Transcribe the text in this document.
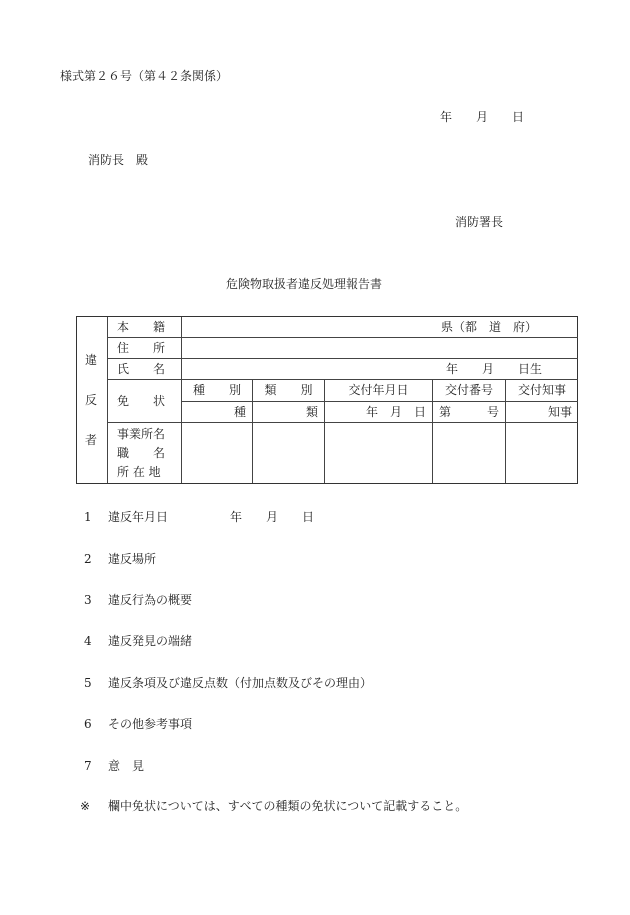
様式第２６号（第４２条関係）
年　　月　　日
消防長　殿
消防署長
危険物取扱者違反処理報告書
違
反
者
本　　籍	県（都　道　府）
住　　所
氏　　名	年　　月　　日生
免　　状
種　　別	類　　別	交付年月日	交付番号	交付知事
種	類	年　月　日	第　　　号	知事
事業所名
職　　名
所 在 地
1 違反年月日	年　　月　　日
2 違反場所
3 違反行為の概要
4 違反発見の端緒
5 違反条項及び違反点数（付加点数及びその理由）
6 その他参考事項
7 意　見
※ 欄中免状については、すべての種類の免状について記載すること。
